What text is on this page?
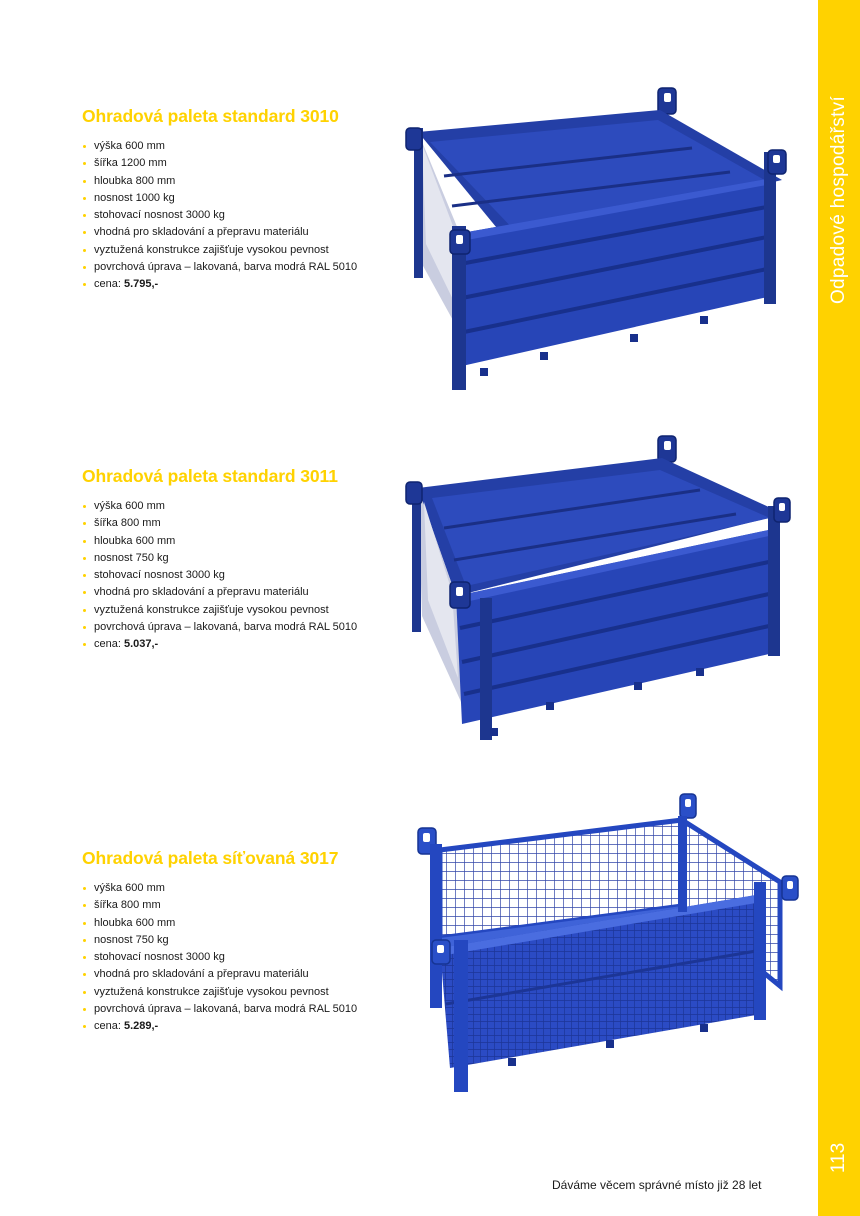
Odpadové hospodářství
113
Ohradová paleta standard 3010
výška 600 mm
šířka 1200 mm
hloubka 800 mm
nosnost 1000 kg
stohovací nosnost 3000 kg
vhodná pro skladování a přepravu materiálu
vyztužená konstrukce zajišťuje vysokou pevnost
povrchová úprava – lakovaná, barva modrá RAL 5010
cena: 5.795,-
Ohradová paleta standard 3011
výška 600 mm
šířka 800 mm
hloubka 600 mm
nosnost 750 kg
stohovací nosnost 3000 kg
vhodná pro skladování a přepravu materiálu
vyztužená konstrukce zajišťuje vysokou pevnost
povrchová úprava – lakovaná, barva modrá RAL 5010
cena: 5.037,-
Ohradová paleta síťovaná 3017
výška 600 mm
šířka 800 mm
hloubka 600 mm
nosnost 750 kg
stohovací nosnost 3000 kg
vhodná pro skladování a přepravu materiálu
vyztužená konstrukce zajišťuje vysokou pevnost
povrchová úprava – lakovaná, barva modrá RAL 5010
cena: 5.289,-
Dáváme věcem správné místo již 28 let
